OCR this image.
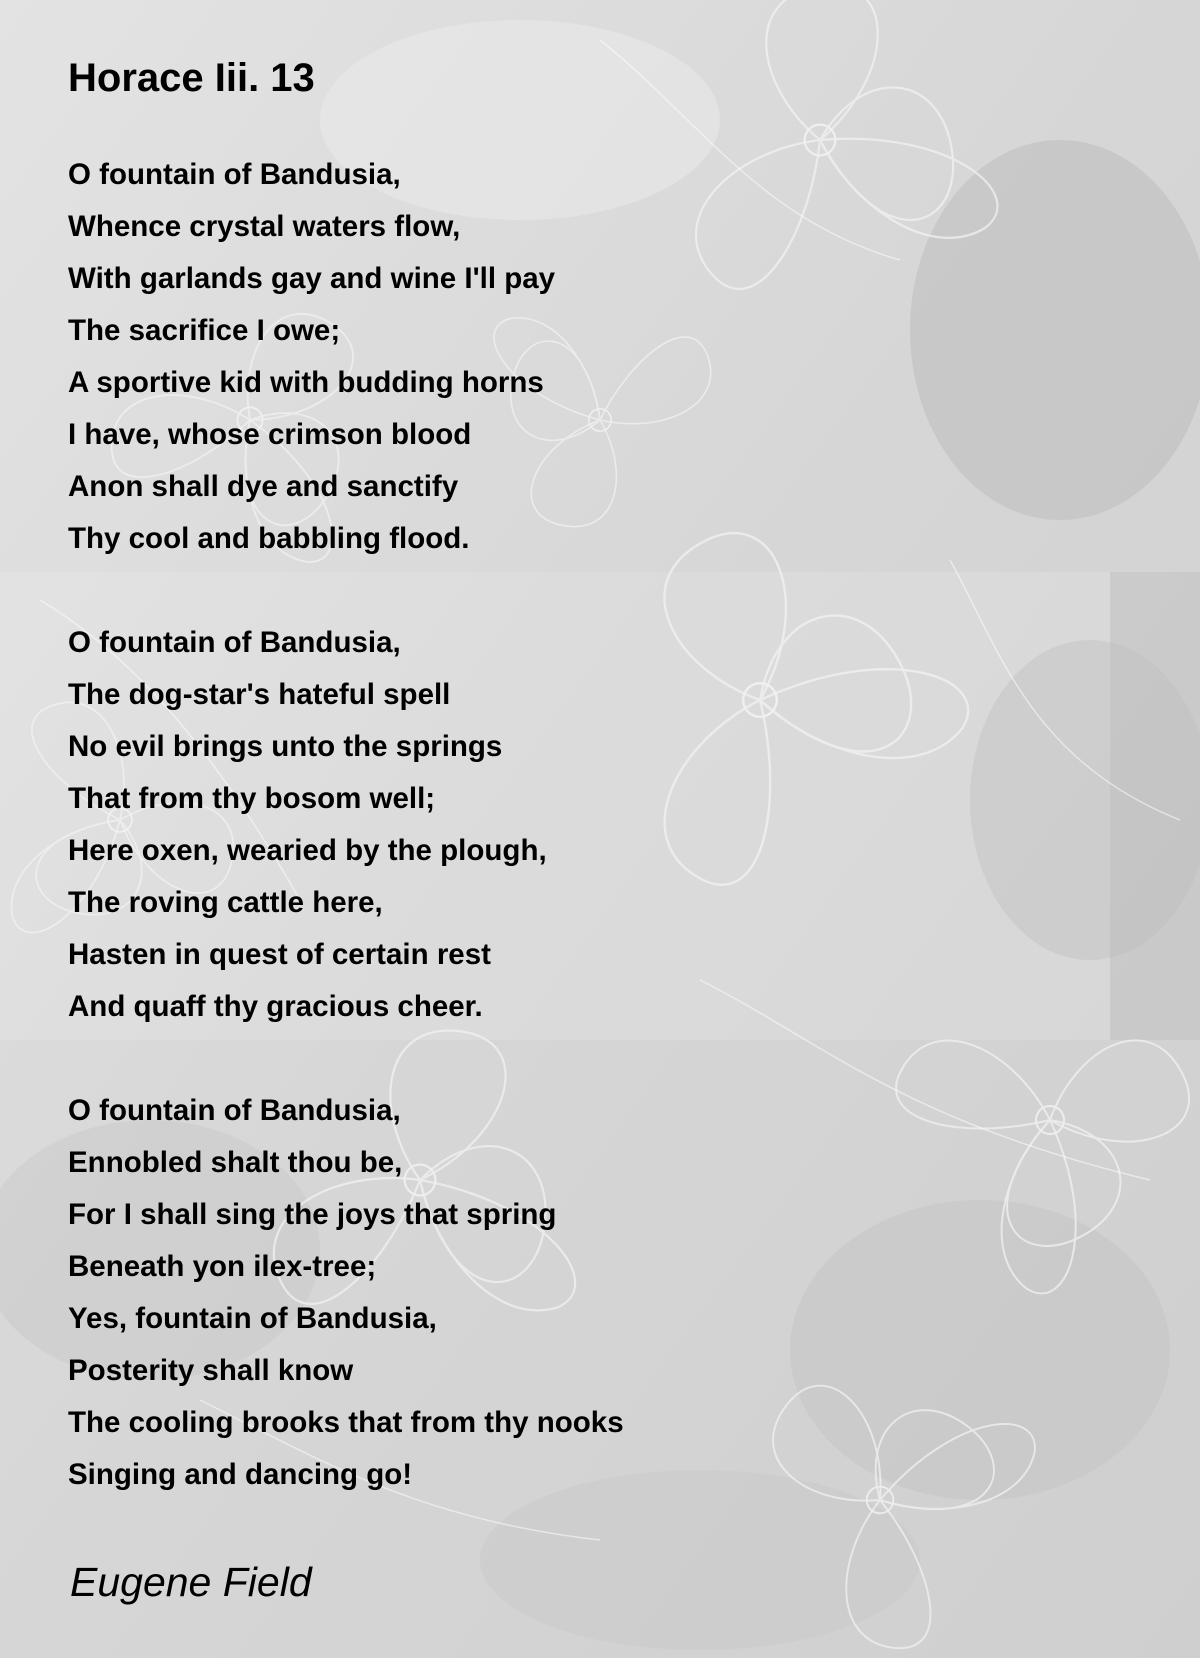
Horace Iii. 13
O fountain of Bandusia,
Whence crystal waters flow,
With garlands gay and wine I'll pay
The sacrifice I owe;
A sportive kid with budding horns
I have, whose crimson blood
Anon shall dye and sanctify
Thy cool and babbling flood.
O fountain of Bandusia,
The dog-star's hateful spell
No evil brings unto the springs
That from thy bosom well;
Here oxen, wearied by the plough,
The roving cattle here,
Hasten in quest of certain rest
And quaff thy gracious cheer.
O fountain of Bandusia,
Ennobled shalt thou be,
For I shall sing the joys that spring
Beneath yon ilex-tree;
Yes, fountain of Bandusia,
Posterity shall know
The cooling brooks that from thy nooks
Singing and dancing go!

Eugene Field
